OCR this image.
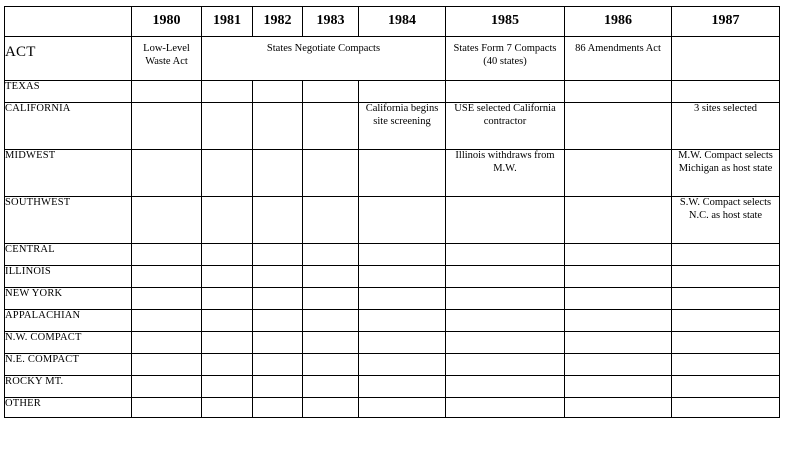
	1980	1981	1982	1983	1984	1985	1986	1987
ACT	Low-Level Waste Act	States Negotiate Compacts				States Form 7 Compacts (40 states)	86 Amendments Act	
TEXAS								
CALIFORNIA					California begins site screening	USE selected California contractor		3 sites selected
MIDWEST						Illinois withdraws from M.W.		M.W. Compact selects Michigan as host state
SOUTHWEST								S.W. Compact selects N.C. as host state
CENTRAL								
ILLINOIS								
NEW YORK								
APPALACHIAN								
N.W. COMPACT								
N.E. COMPACT								
ROCKY MT.								
OTHER								
